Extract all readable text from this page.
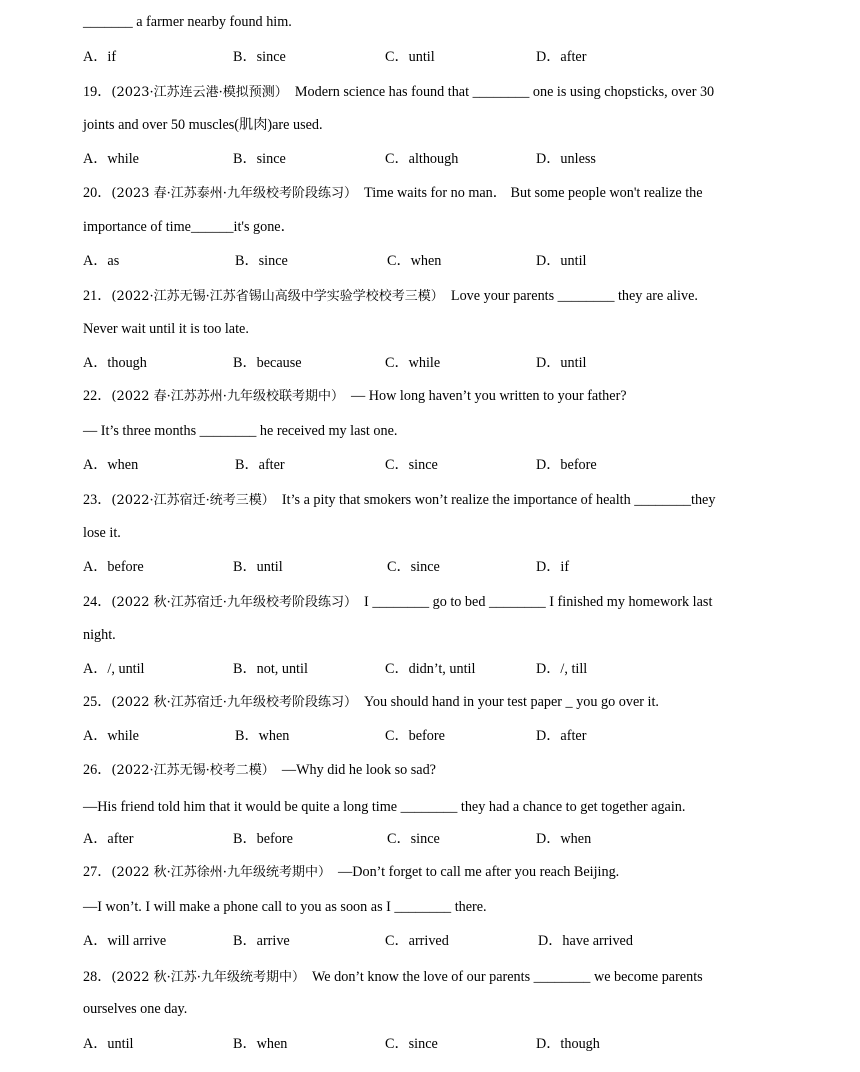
_______ a farmer nearby found him.
A．if	B．since	C．until	D．after
19．(2023·江苏连云港·模拟预测） Modern science has found that ________ one is using chopsticks, over 30
joints and over 50 muscles(肌肉)are used.
A．while	B．since	C．although	D．unless
20．(2023 春·江苏泰州·九年级校考阶段练习） Time waits for no man． But some people won't realize the
importance of time______it's gone．
A．as	B．since	C．when	D．until
21．(2022·江苏无锡·江苏省锡山高级中学实验学校校考三模） Love your parents ________ they are alive.
Never wait until it is too late.
A．though	B．because	C．while	D．until
22．(2022 春·江苏苏州·九年级校联考期中） — How long haven’t you written to your father?
— It’s three months ________ he received my last one.
A．when	B．after	C．since	D．before
23．(2022·江苏宿迁·统考三模） It’s a pity that smokers won’t realize the importance of health ________they
lose it.
A．before	B．until	C．since	D．if
24．(2022 秋·江苏宿迁·九年级校考阶段练习） I ________ go to bed ________ I finished my homework last
night.
A．/, until	B．not, until	C．didn’t, until	D．/, till
25．(2022 秋·江苏宿迁·九年级校考阶段练习） You should hand in your test paper _ you go over it.
A．while	B．when	C．before	D．after
26．(2022·江苏无锡·校考二模） —Why did he look so sad?
—His friend told him that it would be quite a long time ________ they had a chance to get together again.
A．after	B．before	C．since	D．when
27．(2022 秋·江苏徐州·九年级统考期中） —Don’t forget to call me after you reach Beijing.
—I won’t. I will make a phone call to you as soon as I ________ there.
A．will arrive	B．arrive	C．arrived	D．have arrived
28．(2022 秋·江苏·九年级统考期中） We don’t know the love of our parents ________ we become parents
ourselves one day.
A．until	B．when	C．since	D．though
